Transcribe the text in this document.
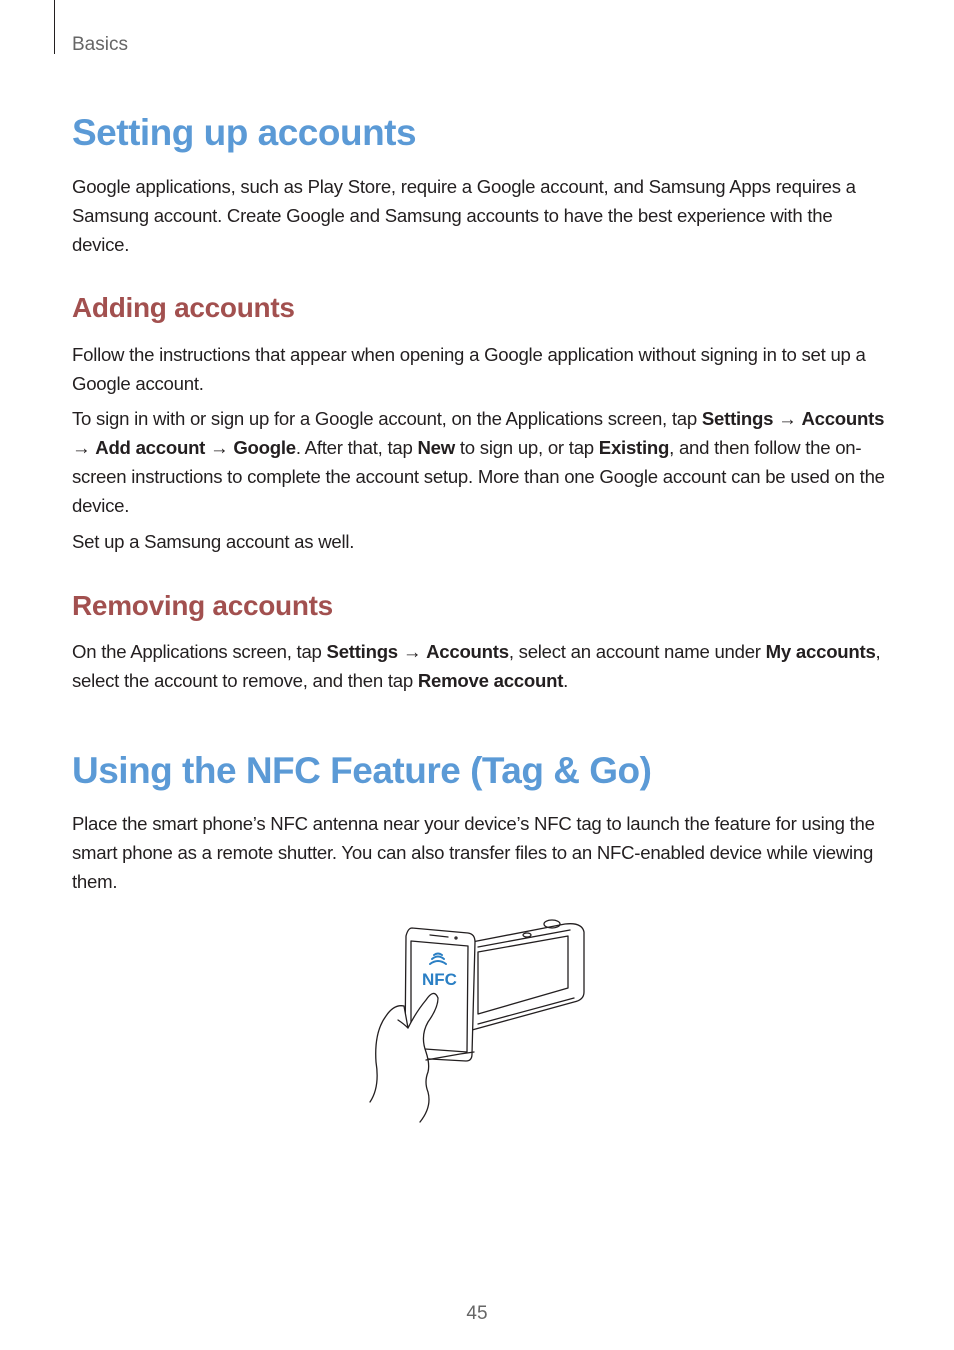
Basics
Setting up accounts

Google applications, such as Play Store, require a Google account, and Samsung Apps requires a Samsung account. Create Google and Samsung accounts to have the best experience with the device.

Adding accounts

Follow the instructions that appear when opening a Google application without signing in to set up a Google account.

To sign in with or sign up for a Google account, on the Applications screen, tap Settings → Accounts → Add account → Google. After that, tap New to sign up, or tap Existing, and then follow the on-screen instructions to complete the account setup. More than one Google account can be used on the device.

Set up a Samsung account as well.

Removing accounts

On the Applications screen, tap Settings → Accounts, select an account name under My accounts, select the account to remove, and then tap Remove account.

Using the NFC Feature (Tag & Go)

Place the smart phone’s NFC antenna near your device’s NFC tag to launch the feature for using the smart phone as a remote shutter. You can also transfer files to an NFC-enabled device while viewing them.

NFC
45
